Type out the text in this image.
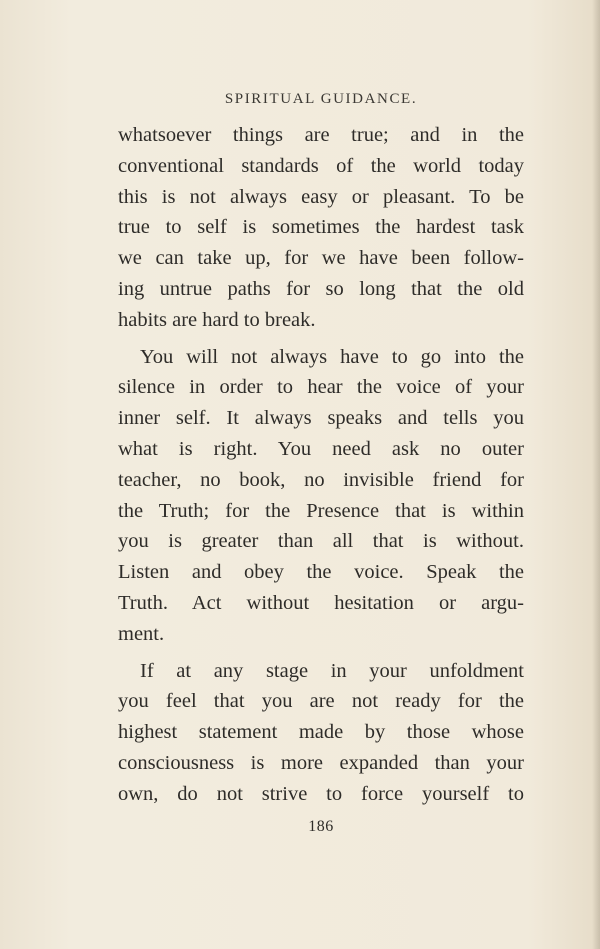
SPIRITUAL GUIDANCE.

whatsoever things are true; and in the
conventional standards of the world today
this is not always easy or pleasant. To be
true to self is sometimes the hardest task
we can take up, for we have been follow-
ing untrue paths for so long that the old
habits are hard to break.

You will not always have to go into the
silence in order to hear the voice of your
inner self. It always speaks and tells you
what is right. You need ask no outer
teacher, no book, no invisible friend for
the Truth; for the Presence that is within
you is greater than all that is without.
Listen and obey the voice. Speak the
Truth. Act without hesitation or argu-
ment.

If at any stage in your unfoldment
you feel that you are not ready for the
highest statement made by those whose
consciousness is more expanded than your
own, do not strive to force yourself to

186
